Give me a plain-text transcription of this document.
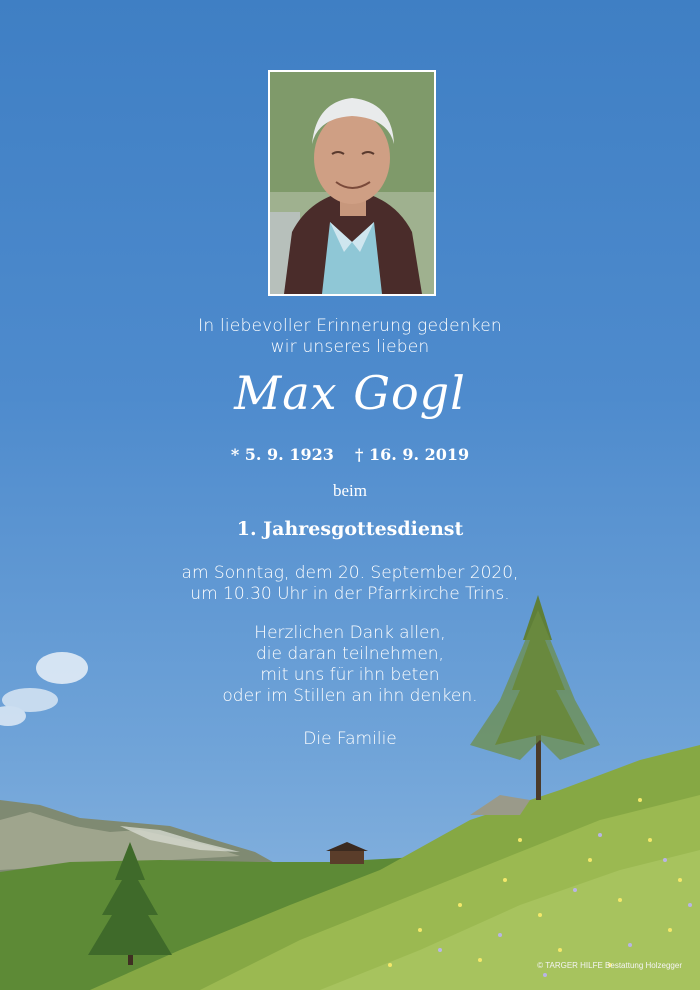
In liebevoller Erinnerung gedenken
wir unseres lieben
Max Gogl
* 5. 9. 1923 † 16. 9. 2019
beim
1. Jahresgottesdienst
am Sonntag, dem 20. September 2020,
um 10.30 Uhr in der Pfarrkirche Trins.
Herzlichen Dank allen,
die daran teilnehmen,
mit uns für ihn beten
oder im Stillen an ihn denken.
Die Familie
© TARGER HILFE Bestattung Holzegger
